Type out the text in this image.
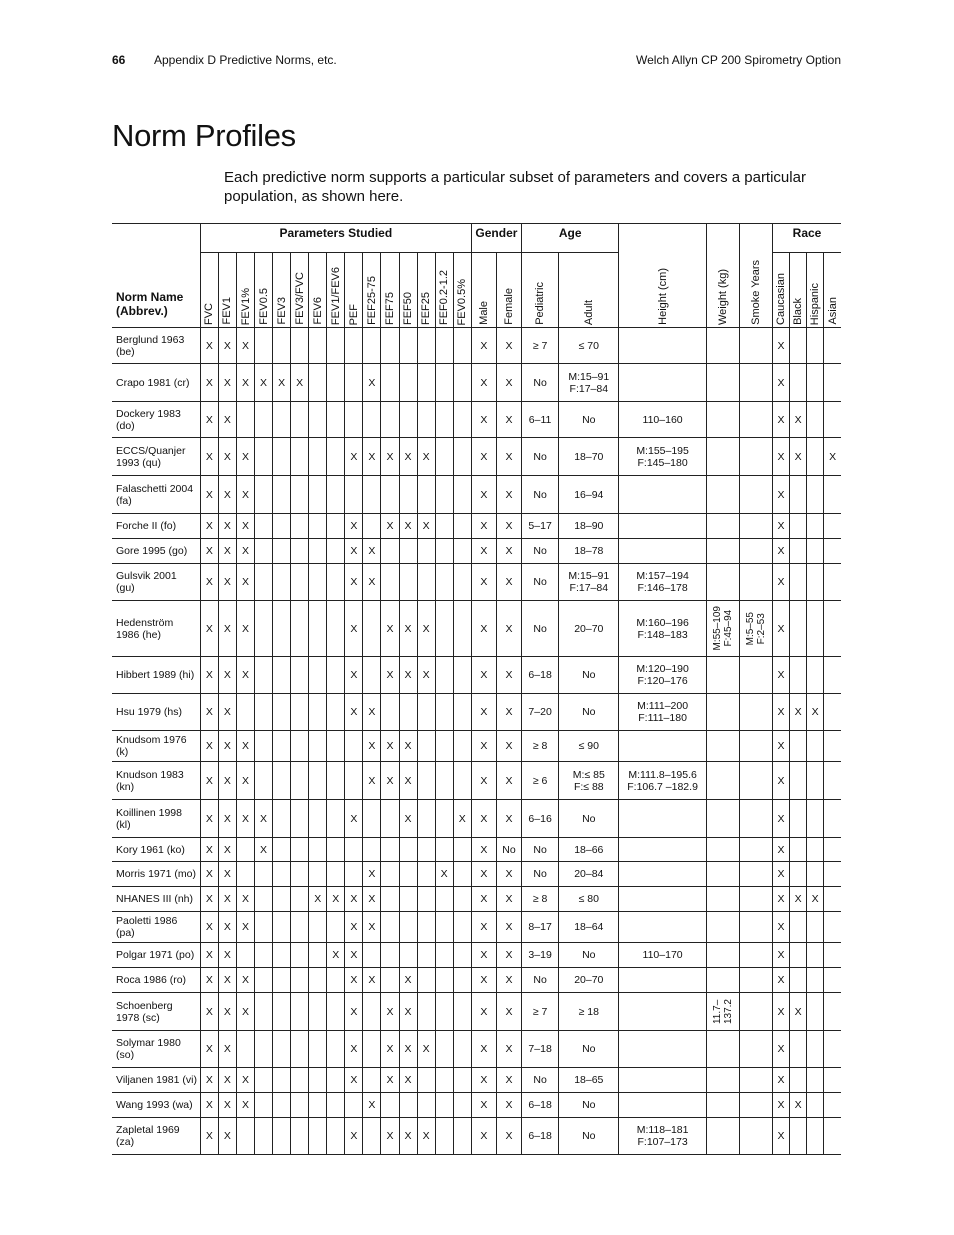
66 Appendix D Predictive Norms, etc.	Welch Allyn CP 200 Spirometry Option
Norm Profiles

Each predictive norm supports a particular subset of parameters and covers a particular population, as shown here.

Norm Name (Abbrev.)	Parameters Studied															Gender		Age		Height (cm)	Weight (kg)	Smoke Years	Race			

	FVC	FEV1	FEV1%	FEV0.5	FEV3	FEV3/FVC	FEV6	FEV1/FEV6	PEF	FEF25-75	FEF75	FEF50	FEF25	FEF0.2-1.2	FEV0.5%	Male	Female	Pediatric	Adult				Caucasian	Black	Hispanic	Asian

Berglund 1963 (be)	X	X	X													X	X	≥ 7	≤ 70				X			
Crapo 1981 (cr)	X	X	X	X	X	X				X						X	X	No	M:15–91
F:17–84				X			
Dockery 1983 (do)	X	X														X	X	6–11	No	110–160			X	X		
ECCS/Quanjer 1993 (qu)	X	X	X						X	X	X	X	X			X	X	No	18–70	M:155–195
F:145–180			X	X		X
Falaschetti 2004 (fa)	X	X	X													X	X	No	16–94				X			
Forche II (fo)	X	X	X						X		X	X	X			X	X	5–17	18–90				X			
Gore 1995 (go)	X	X	X						X	X						X	X	No	18–78				X			
Gulsvik 2001 (gu)	X	X	X						X	X						X	X	No	M:15–91
F:17–84	M:157–194
F:146–178			X			
Hedenström 1986 (he)	X	X	X						X		X	X	X			X	X	No	20–70	M:160–196
F:148–183	M:55–109
F:45–94	M:5–55
F:2–53	X			
Hibbert 1989 (hi)	X	X	X						X		X	X	X			X	X	6–18	No	M:120–190
F:120–176			X			
Hsu 1979 (hs)	X	X							X	X						X	X	7–20	No	M:111–200
F:111–180			X	X	X	
Knudsom 1976 (k)	X	X	X							X	X	X				X	X	≥ 8	≤ 90				X			
Knudson 1983 (kn)	X	X	X							X	X	X				X	X	≥ 6	M:≤ 85
F:≤ 88	M:111.8–195.6
F:106.7 –182.9			X			
Koillinen 1998 (kl)	X	X	X	X					X			X			X	X	X	6–16	No				X			
Kory 1961 (ko)	X	X		X												X	No	No	18–66				X			
Morris 1971 (mo)	X	X								X				X		X	X	No	20–84				X			
NHANES III (nh)	X	X	X				X	X	X	X						X	X	≥ 8	≤ 80				X	X	X	
Paoletti 1986 (pa)	X	X	X						X	X						X	X	8–17	18–64				X			
Polgar 1971 (po)	X	X						X	X							X	X	3–19	No	110–170			X			
Roca 1986 (ro)	X	X	X						X	X		X				X	X	No	20–70				X			
Schoenberg 1978 (sc)	X	X	X						X		X	X				X	X	≥ 7	≥ 18		11.7–
137.2		X	X		
Solymar 1980 (so)	X	X							X		X	X	X			X	X	7–18	No				X			
Viljanen 1981 (vi)	X	X	X						X		X	X				X	X	No	18–65				X			
Wang 1993 (wa)	X	X	X							X						X	X	6–18	No				X	X		
Zapletal 1969 (za)	X	X							X		X	X	X			X	X	6–18	No	M:118–181
F:107–173			X			
